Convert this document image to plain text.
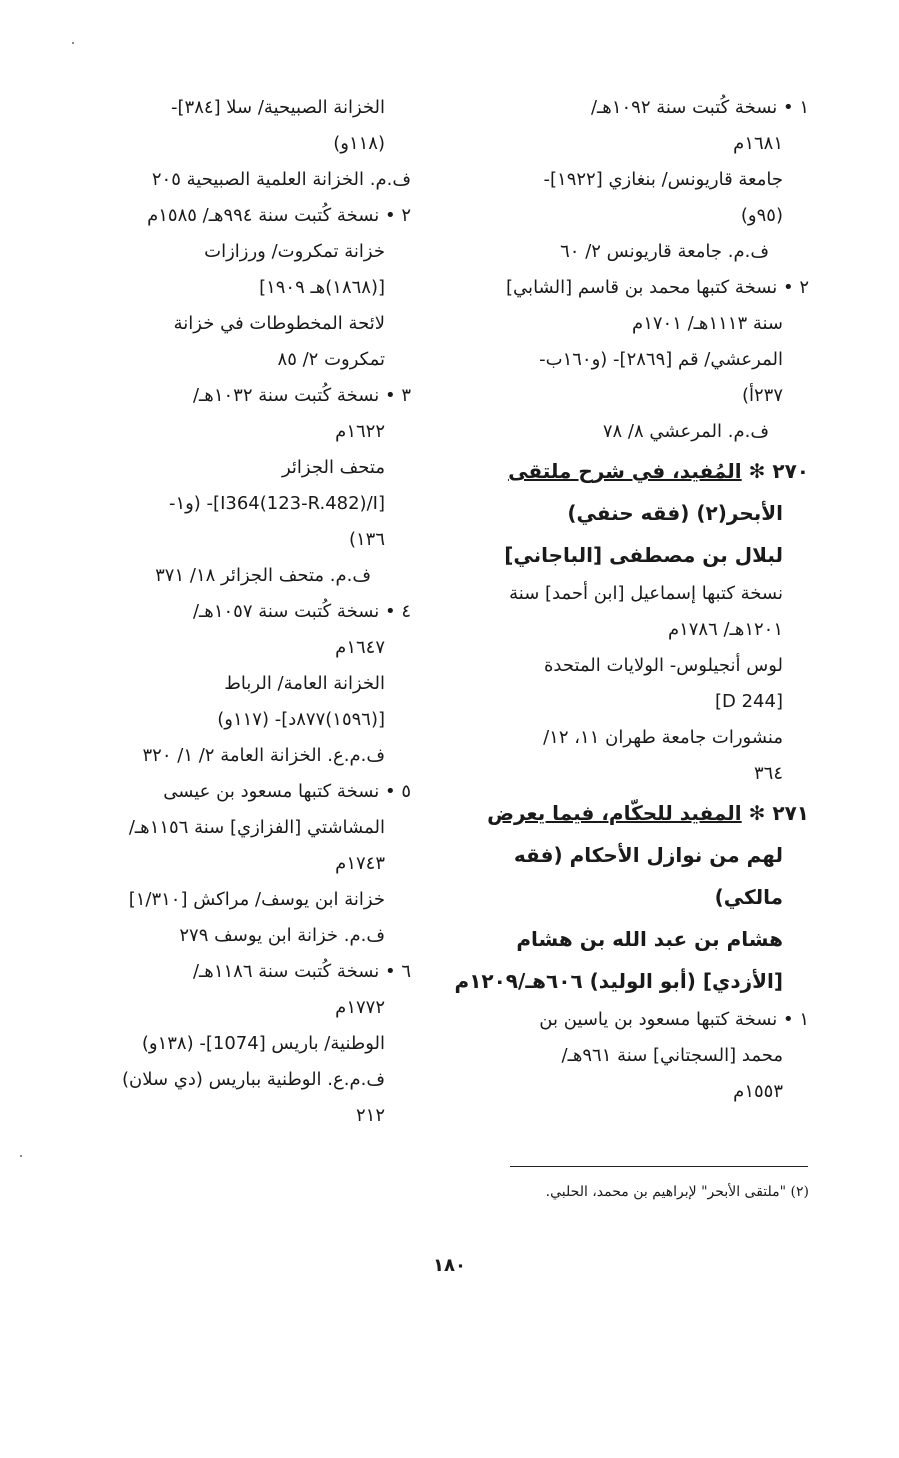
١ • نسخة كُتبت سنة ١٠٩٢هـ/
١٦٨١م
جامعة قاريونس/ بنغازي [١٩٢٢]-
(٩٥و)
ف.م. جامعة قاريونس ٢/ ٦٠
٢ • نسخة كتبها محمد بن قاسم [الشابي]
سنة ١١١٣هـ/ ١٧٠١م
المرعشي/ قم [٢٨٦٩]- (و١٦٠ب-
٢٣٧أ)
ف.م. المرعشي ٨/ ٧٨
٢٧٠ ✻ المُفيد، في شرح ملتقى
الأبحر(٢) (فقه حنفي)
لبلال بن مصطفى [الباجاني]
نسخة كتبها إسماعيل [ابن أحمد] سنة
١٢٠١هـ/ ١٧٨٦م
لوس أنجيلوس- الولايات المتحدة
[D 244]
منشورات جامعة طهران ١١، ١٢/
٣٦٤
٢٧١ ✻ المفيد للحكّام، فيما يعرض
لهم من نوازل الأحكام (فقه
مالكي)
هشام بن عبد الله بن هشام
[الأزدي] (أبو الوليد) ٦٠٦هـ/١٢٠٩م
١ • نسخة كتبها مسعود بن ياسين بن
محمد [السجتاني] سنة ٩٦١هـ/
١٥٥٣م
الخزانة الصبيحية/ سلا [٣٨٤]-
(١١٨و)
ف.م. الخزانة العلمية الصبيحية ٢٠٥
٢ • نسخة كُتبت سنة ٩٩٤هـ/ ١٥٨٥م
خزانة تمكروت/ ورزازات
[(١٨٦٨)هـ ١٩٠٩]
لائحة المخطوطات في خزانة
تمكروت ٢/ ٨٥
٣ • نسخة كُتبت سنة ١٠٣٢هـ/
١٦٢٢م
متحف الجزائر
[I364(123-R.482)/I]- (و١-
١٣٦)
ف.م. متحف الجزائر ١٨/ ٣٧١
٤ • نسخة كُتبت سنة ١٠٥٧هـ/
١٦٤٧م
الخزانة العامة/ الرباط
[(١٥٩٦)٨٧٧د]- (١١٧و)
ف.م.ع. الخزانة العامة ٢/ ١/ ٣٢٠
٥ • نسخة كتبها مسعود بن عيسى
المشاشتي [الفزازي] سنة ١١٥٦هـ/
١٧٤٣م
خزانة ابن يوسف/ مراكش [١/٣١٠]
ف.م. خزانة ابن يوسف ٢٧٩
٦ • نسخة كُتبت سنة ١١٨٦هـ/
١٧٧٢م
الوطنية/ باريس [1074]- (١٣٨و)
ف.م.ع. الوطنية بباريس (دي سلان)
٢١٢
(٢) "ملتقى الأبحر" لإبراهيم بن محمد، الحلبي.
١٨٠
